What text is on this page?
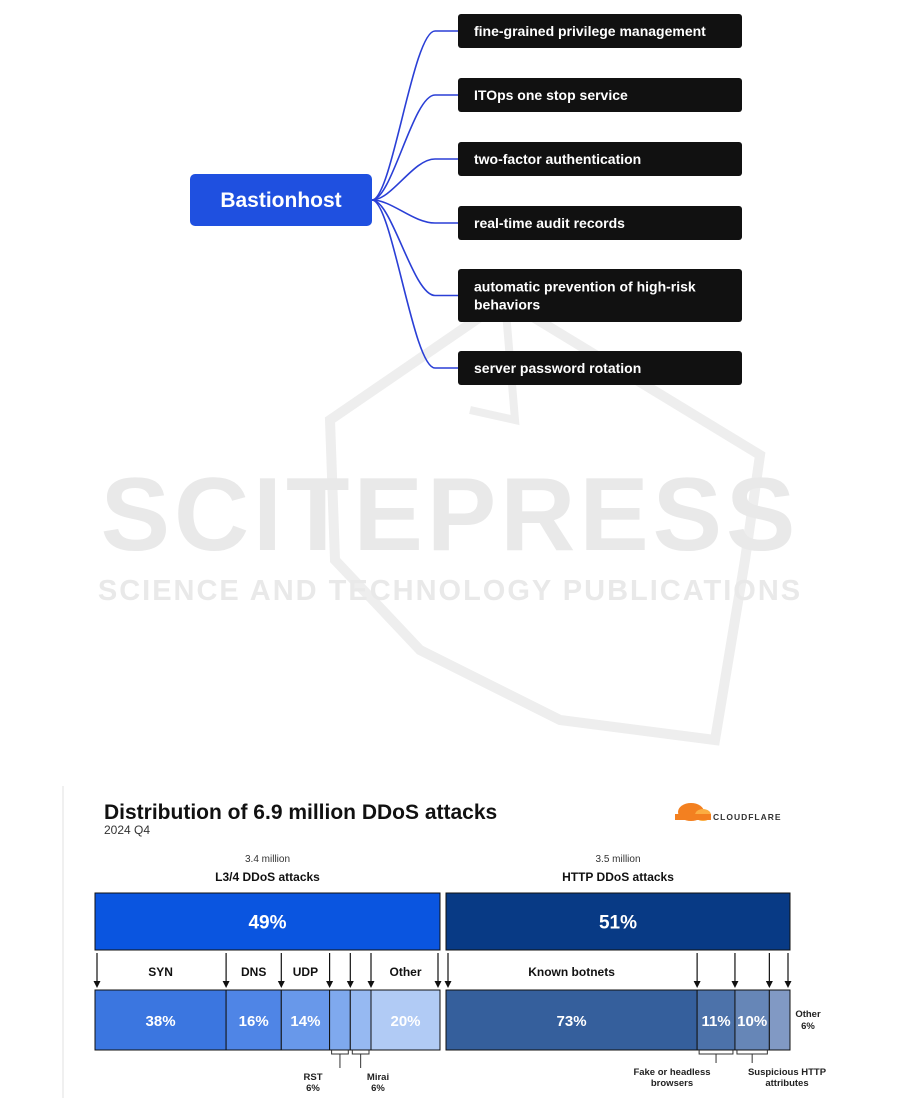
SCITEPRESS
SCIENCE AND TECHNOLOGY PUBLICATIONS
Bastionhost
fine-grained privilege management
ITOps one stop service
two-factor authentication
real-time audit records
automatic prevention of high-risk
behaviors
server password rotation
Distribution of 6.9 million DDoS attacks
2024 Q4
CLOUDFLARE
3.4 million
L3/4 DDoS attacks
49%
38%
SYN
16%
DNS
14%
UDP
20%
Other
3.5 million
HTTP DDoS attacks
51%
73%
Known botnets
11% 10%
RST
6%
Mirai
6%
Fake or headless
browsers
Suspicious HTTP
attributes
Other
6%
